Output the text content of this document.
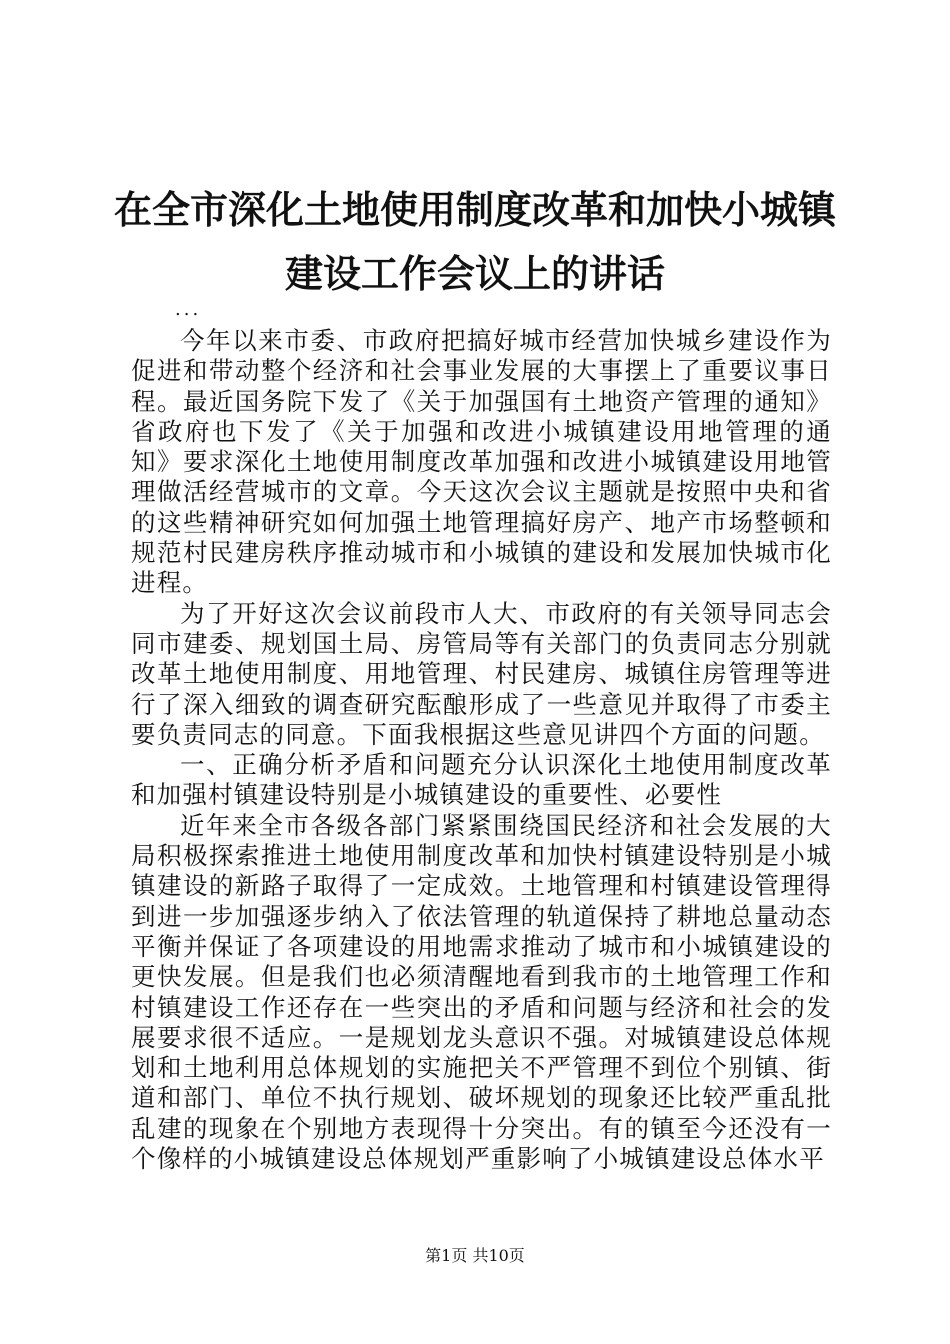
在全市深化土地使用制度改革和加快小城镇建设工作会议上的讲话
...

今年以来市委、市政府把搞好城市经营加快城乡建设作为促进和带动整个经济和社会事业发展的大事摆上了重要议事日程。最近国务院下发了《关于加强国有土地资产管理的通知》省政府也下发了《关于加强和改进小城镇建设用地管理的通知》要求深化土地使用制度改革加强和改进小城镇建设用地管理做活经营城市的文章。今天这次会议主题就是按照中央和省的这些精神研究如何加强土地管理搞好房产、地产市场整顿和规范村民建房秩序推动城市和小城镇的建设和发展加快城市化进程。

为了开好这次会议前段市人大、市政府的有关领导同志会同市建委、规划国土局、房管局等有关部门的负责同志分别就改革土地使用制度、用地管理、村民建房、城镇住房管理等进行了深入细致的调查研究酝酿形成了一些意见并取得了市委主要负责同志的同意。下面我根据这些意见讲四个方面的问题。

一、正确分析矛盾和问题充分认识深化土地使用制度改革和加强村镇建设特别是小城镇建设的重要性、必要性

近年来全市各级各部门紧紧围绕国民经济和社会发展的大局积极探索推进土地使用制度改革和加快村镇建设特别是小城镇建设的新路子取得了一定成效。土地管理和村镇建设管理得到进一步加强逐步纳入了依法管理的轨道保持了耕地总量动态平衡并保证了各项建设的用地需求推动了城市和小城镇建设的更快发展。但是我们也必须清醒地看到我市的土地管理工作和村镇建设工作还存在一些突出的矛盾和问题与经济和社会的发展要求很不适应。一是规划龙头意识不强。对城镇建设总体规划和土地利用总体规划的实施把关不严管理不到位个别镇、街道和部门、单位不执行规划、破坏规划的现象还比较严重乱批乱建的现象在个别地方表现得十分突出。有的镇至今还没有一个像样的小城镇建设总体规划严重影响了小城镇建设总体水平

第1页 共10页
